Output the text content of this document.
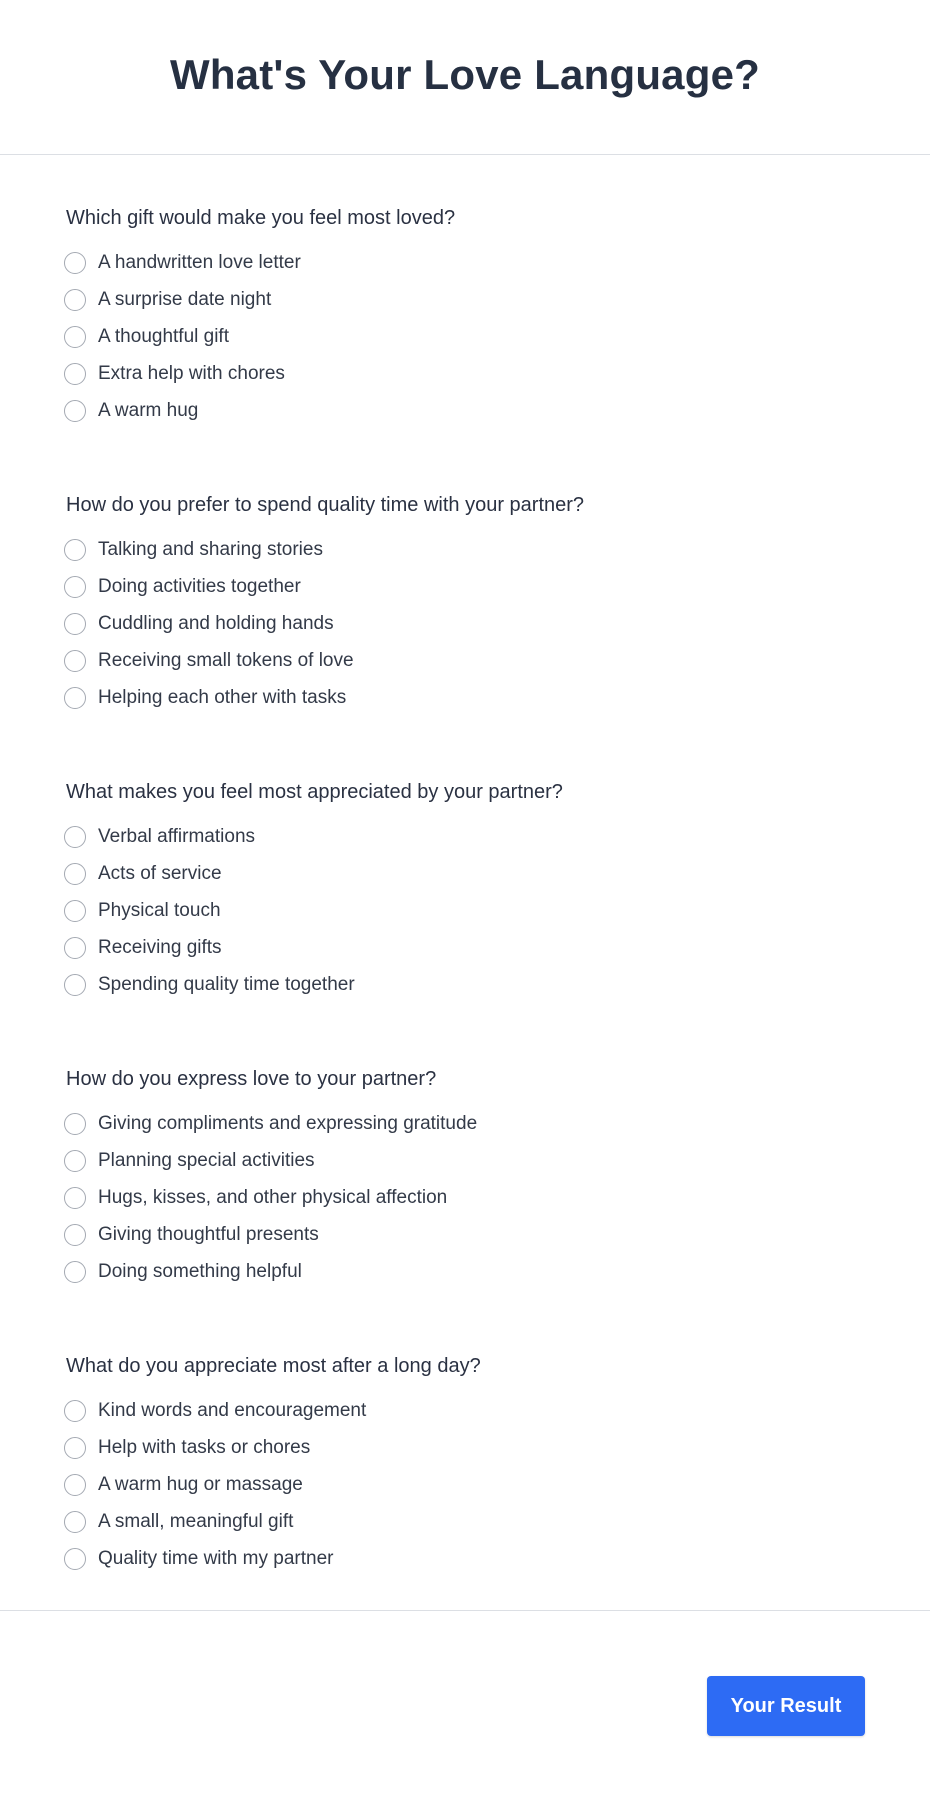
What's Your Love Language?
Which gift would make you feel most loved?
A handwritten love letter
A surprise date night
A thoughtful gift
Extra help with chores
A warm hug
How do you prefer to spend quality time with your partner?
Talking and sharing stories
Doing activities together
Cuddling and holding hands
Receiving small tokens of love
Helping each other with tasks
What makes you feel most appreciated by your partner?
Verbal affirmations
Acts of service
Physical touch
Receiving gifts
Spending quality time together
How do you express love to your partner?
Giving compliments and expressing gratitude
Planning special activities
Hugs, kisses, and other physical affection
Giving thoughtful presents
Doing something helpful
What do you appreciate most after a long day?
Kind words and encouragement
Help with tasks or chores
A warm hug or massage
A small, meaningful gift
Quality time with my partner
Your Result
